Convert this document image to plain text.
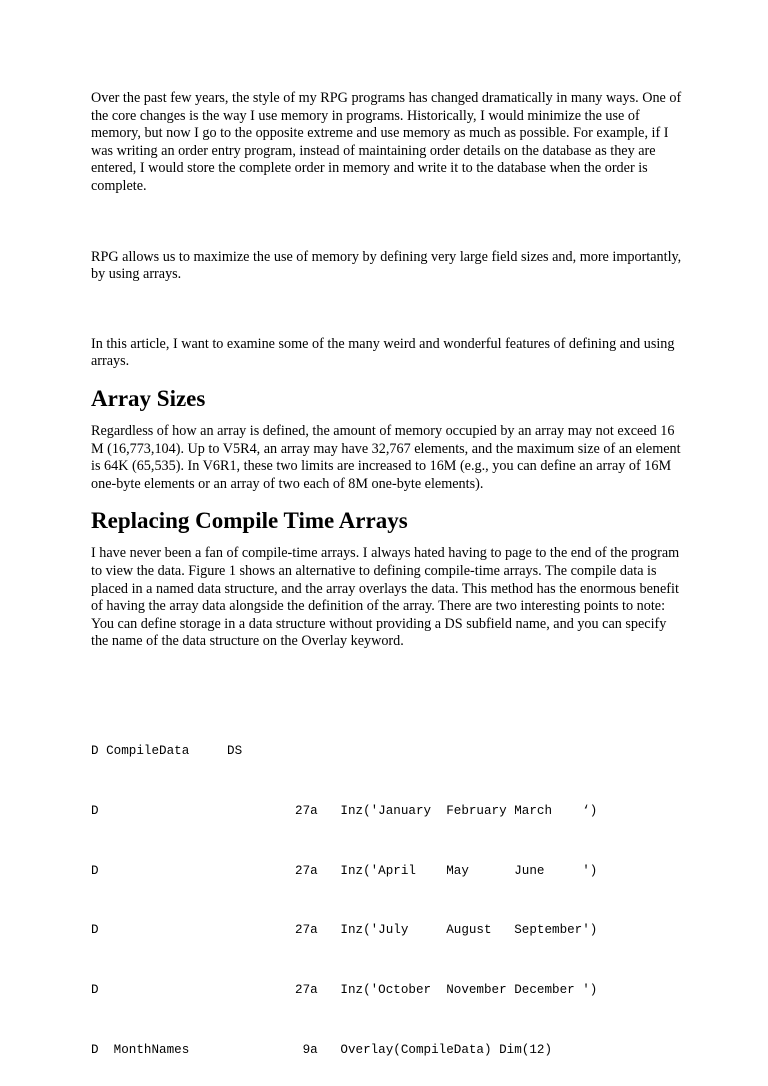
Over the past few years, the style of my RPG programs has changed dramatically in many ways. One of the core changes is the way I use memory in programs. Historically, I would minimize the use of memory, but now I go to the opposite extreme and use memory as much as possible. For example, if I was writing an order entry program, instead of maintaining order details on the database as they are entered, I would store the complete order in memory and write it to the database when the order is complete.

RPG allows us to maximize the use of memory by defining very large field sizes and, more importantly, by using arrays.

In this article, I want to examine some of the many weird and wonderful features of defining and using arrays.

Array Sizes

Regardless of how an array is defined, the amount of memory occupied by an array may not exceed 16 M (16,773,104). Up to V5R4, an array may have 32,767 elements, and the maximum size of an element is 64K (65,535). In V6R1, these two limits are increased to 16M (e.g., you can define an array of 16M one-byte elements or an array of two each of 8M one-byte elements).

Replacing Compile Time Arrays

I have never been a fan of compile-time arrays. I always hated having to page to the end of the program to view the data. Figure 1 shows an alternative to defining compile-time arrays. The compile data is placed in a named data structure, and the array overlays the data. This method has the enormous benefit of having the array data alongside the definition of the array. There are two interesting points to note: You can define storage in a data structure without providing a DS subfield name, and you can specify the name of the data structure on the Overlay keyword.

D CompileData     DS

D                          27a   Inz('January  February March    ‘)

D                          27a   Inz('April    May      June     ')

D                          27a   Inz('July     August   September')

D                          27a   Inz('October  November December ')

D  MonthNames               9a   Overlay(CompileData) Dim(12)
